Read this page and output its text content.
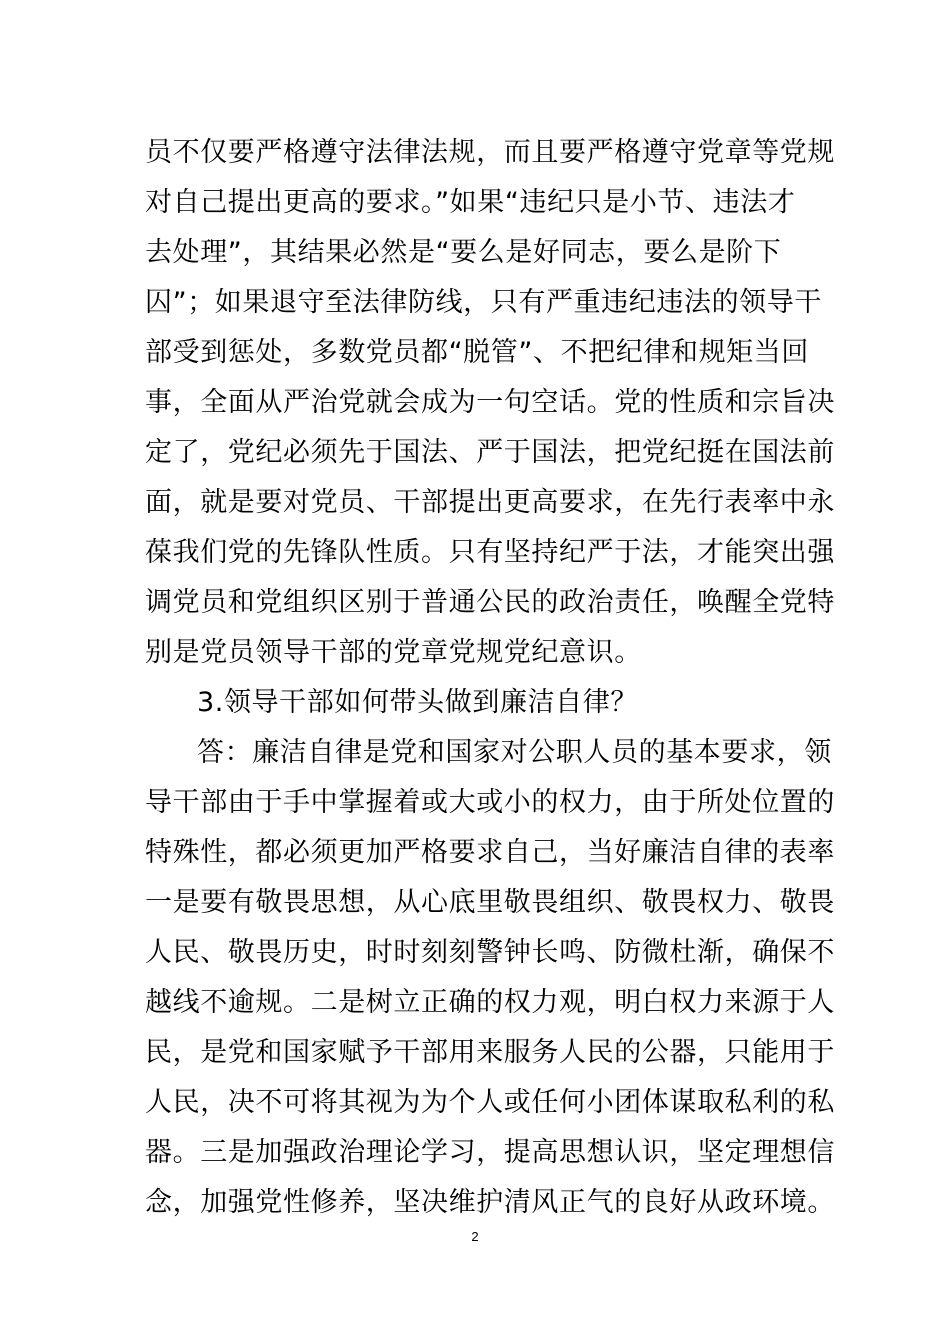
员不仅要严格遵守法律法规，而且要严格遵守党章等党规
对自己提出更高的要求。”如果“违纪只是小节、违法才
去处理”，其结果必然是“要么是好同志，要么是阶下
囚”；如果退守至法律防线，只有严重违纪违法的领导干
部受到惩处，多数党员都“脱管”、不把纪律和规矩当回
事，全面从严治党就会成为一句空话。党的性质和宗旨决
定了，党纪必须先于国法、严于国法，把党纪挺在国法前
面，就是要对党员、干部提出更高要求，在先行表率中永
葆我们党的先锋队性质。只有坚持纪严于法，才能突出强
调党员和党组织区别于普通公民的政治责任，唤醒全党特
别是党员领导干部的党章党规党纪意识。
3.领导干部如何带头做到廉洁自律？
答：廉洁自律是党和国家对公职人员的基本要求，领
导干部由于手中掌握着或大或小的权力，由于所处位置的
特殊性，都必须更加严格要求自己，当好廉洁自律的表率
一是要有敬畏思想，从心底里敬畏组织、敬畏权力、敬畏
人民、敬畏历史，时时刻刻警钟长鸣、防微杜渐，确保不
越线不逾规。二是树立正确的权力观，明白权力来源于人
民，是党和国家赋予干部用来服务人民的公器，只能用于
人民，决不可将其视为为个人或任何小团体谋取私利的私
器。三是加强政治理论学习，提高思想认识，坚定理想信
念，加强党性修养，坚决维护清风正气的良好从政环境。
2
